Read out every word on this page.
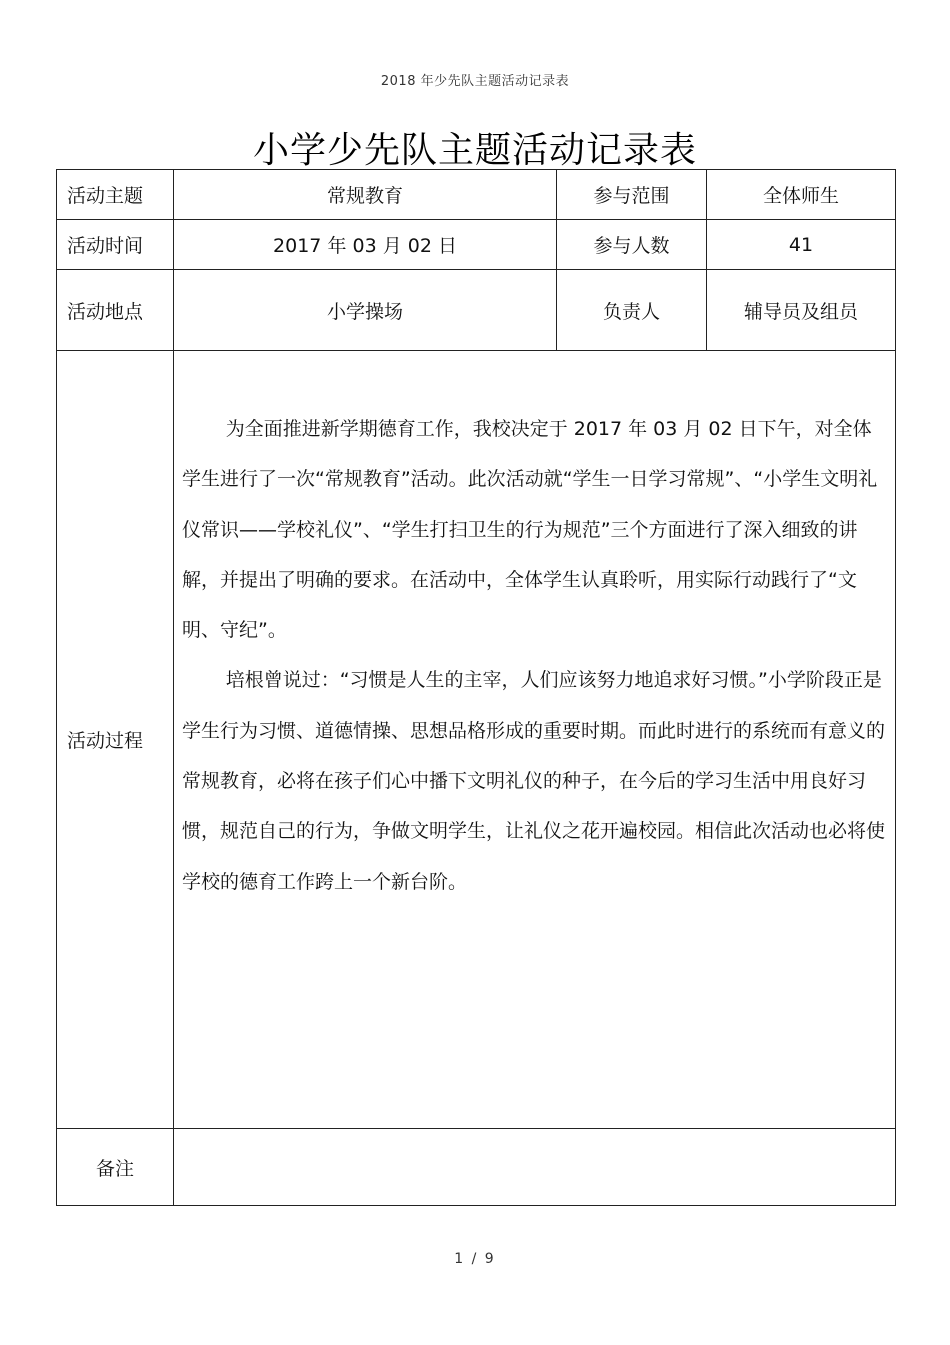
2018 年少先队主题活动记录表
小学少先队主题活动记录表
活动主题	常规教育	参与范围	全体师生
活动时间	2017 年 03 月 02 日	参与人数	41
活动地点	小学操场	负责人	辅导员及组员
活动过程	为全面推进新学期德育工作，我校决定于 2017 年 03 月 02 日下午，对全体学生进行了一次“常规教育”活动。此次活动就“学生一日学习常规”、“小学生文明礼仪常识——学校礼仪”、“学生打扫卫生的行为规范”三个方面进行了深入细致的讲解，并提出了明确的要求。在活动中，全体学生认真聆听，用实际行动践行了“文明、守纪”。

培根曾说过：“习惯是人生的主宰，人们应该努力地追求好习惯。”小学阶段正是学生行为习惯、道德情操、思想品格形成的重要时期。而此时进行的系统而有意义的常规教育，必将在孩子们心中播下文明礼仪的种子，在今后的学习生活中用良好习惯，规范自己的行为，争做文明学生，让礼仪之花开遍校园。相信此次活动也必将使学校的德育工作跨上一个新台阶。		

备注			
1 / 9
